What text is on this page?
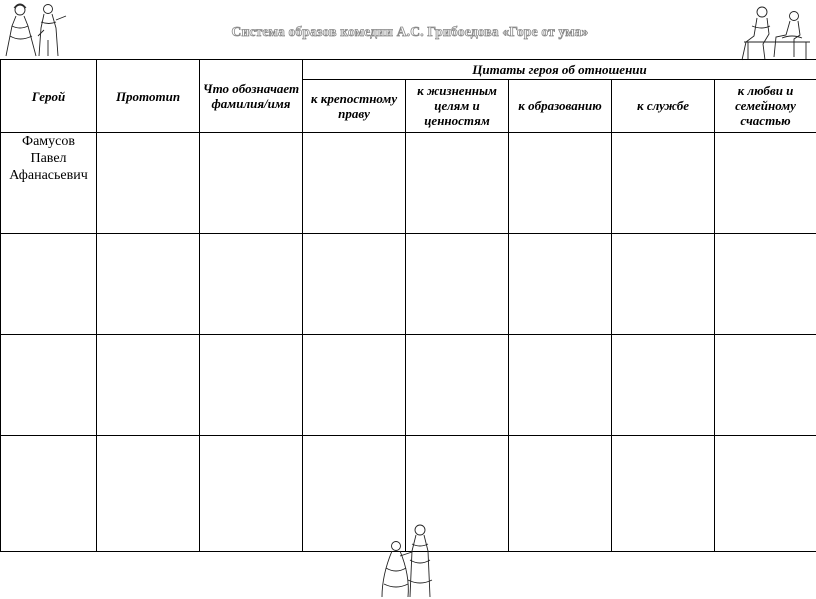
Система образов комедии А.С. Грибоедова «Горе от ума»
Герой	Прототип	Что обозначает фамилия/имя	Цитаты героя об отношении				
			к крепостному праву	к жизненным целям и ценностям	к образованию	к службе	к любви и семейному счастью
Фамусов Павел Афанасьевич							
